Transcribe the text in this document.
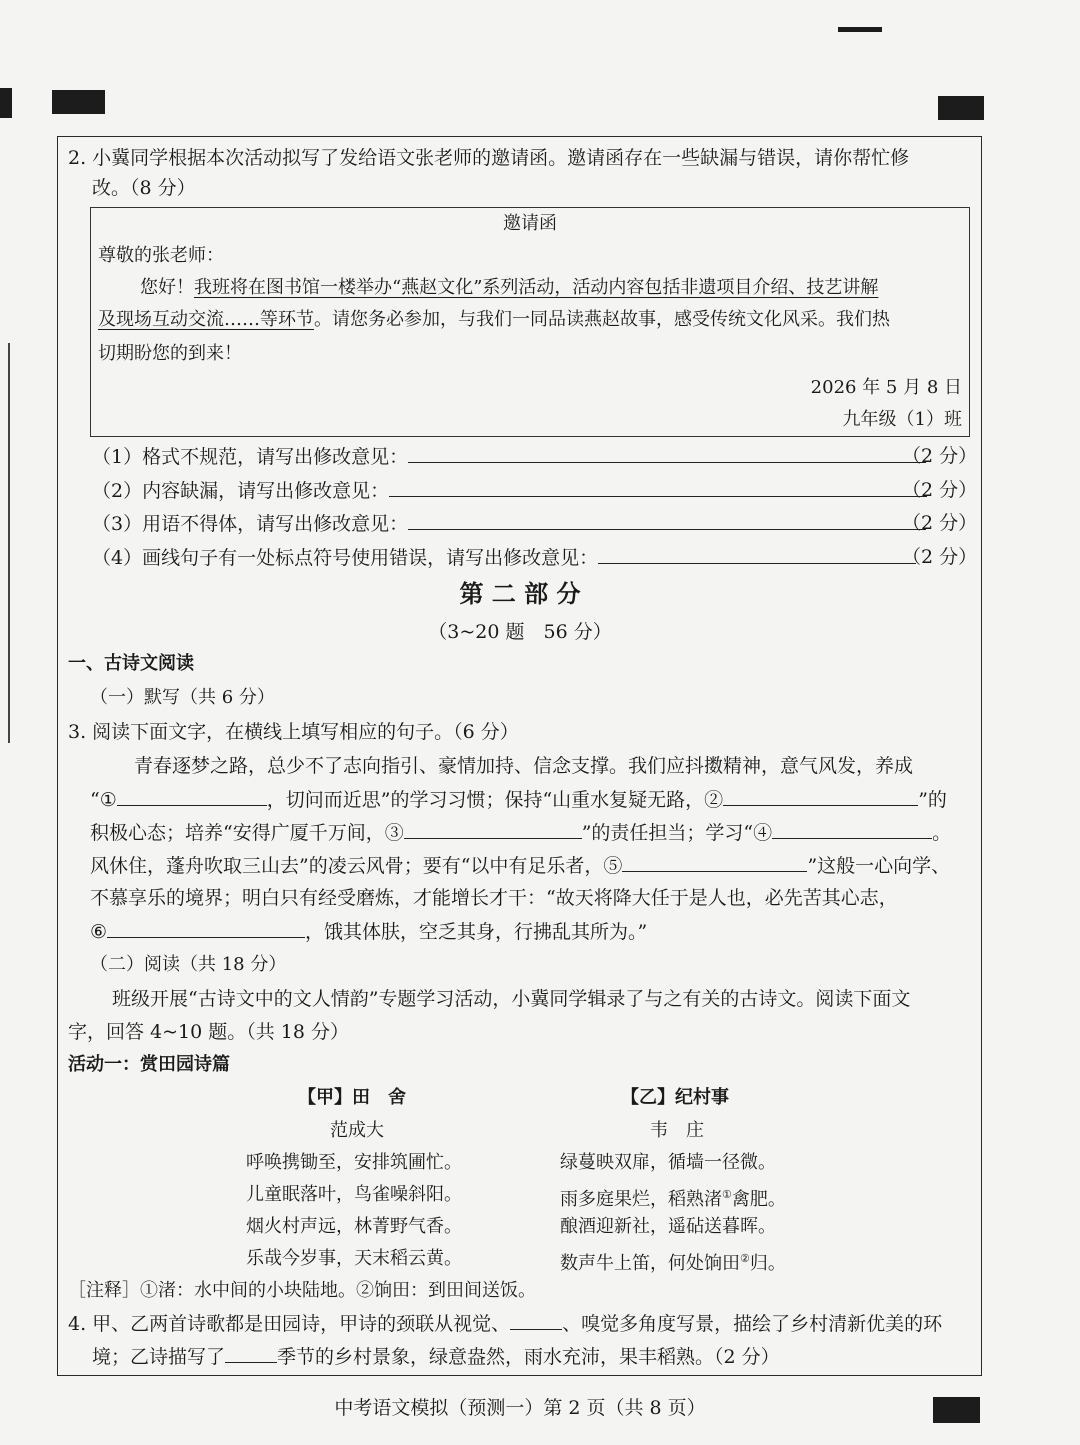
2. 小冀同学根据本次活动拟写了发给语文张老师的邀请函。邀请函存在一些缺漏与错误，请你帮忙修
改。（8 分）
邀请函
尊敬的张老师：
您好！我班将在图书馆一楼举办“燕赵文化”系列活动，活动内容包括非遗项目介绍、技艺讲解
及现场互动交流……等环节。请您务必参加，与我们一同品读燕赵故事，感受传统文化风采。我们热
切期盼您的到来！
2026 年 5 月 8 日
九年级（1）班
（1）格式不规范，请写出修改意见：	（2 分）
（2）内容缺漏，请写出修改意见：	（2 分）
（3）用语不得体，请写出修改意见：	（2 分）
（4）画线句子有一处标点符号使用错误，请写出修改意见：	（2 分）
第 二 部 分
（3~20 题　56 分）
一、古诗文阅读
（一）默写（共 6 分）
3. 阅读下面文字，在横线上填写相应的句子。（6 分）
青春逐梦之路，总少不了志向指引、豪情加持、信念支撑。我们应抖擞精神，意气风发，养成
“①	，切问而近思”的学习习惯；保持“山重水复疑无路，②	”的
积极心态；培养“安得广厦千万间，③	”的责任担当；学习“④	。
风休住，蓬舟吹取三山去”的凌云风骨；要有“以中有足乐者，⑤	”这般一心向学、
不慕享乐的境界；明白只有经受磨炼，才能增长才干：“故天将降大任于是人也，必先苦其心志，
⑥	，饿其体肤，空乏其身，行拂乱其所为。”
（二）阅读（共 18 分）
班级开展“古诗文中的文人情韵”专题学习活动，小冀同学辑录了与之有关的古诗文。阅读下面文
字，回答 4~10 题。（共 18 分）
活动一：赏田园诗篇
【甲】田　舍
范成大
呼唤携锄至，安排筑圃忙。
儿童眠落叶，鸟雀噪斜阳。
烟火村声远，林菁野气香。
乐哉今岁事，天末稻云黄。
【乙】纪村事
韦　庄
绿蔓映双扉，循墙一径微。
雨多庭果烂，稻熟渚①禽肥。
酿酒迎新社，遥砧送暮晖。
数声牛上笛，何处饷田②归。
［注释］①渚：水中间的小块陆地。②饷田：到田间送饭。
4. 甲、乙两首诗歌都是田园诗，甲诗的颈联从视觉、	、嗅觉多角度写景，描绘了乡村清新优美的环
境；乙诗描写了	季节的乡村景象，绿意盎然，雨水充沛，果丰稻熟。（2 分）
中考语文模拟（预测一）第 2 页（共 8 页）
